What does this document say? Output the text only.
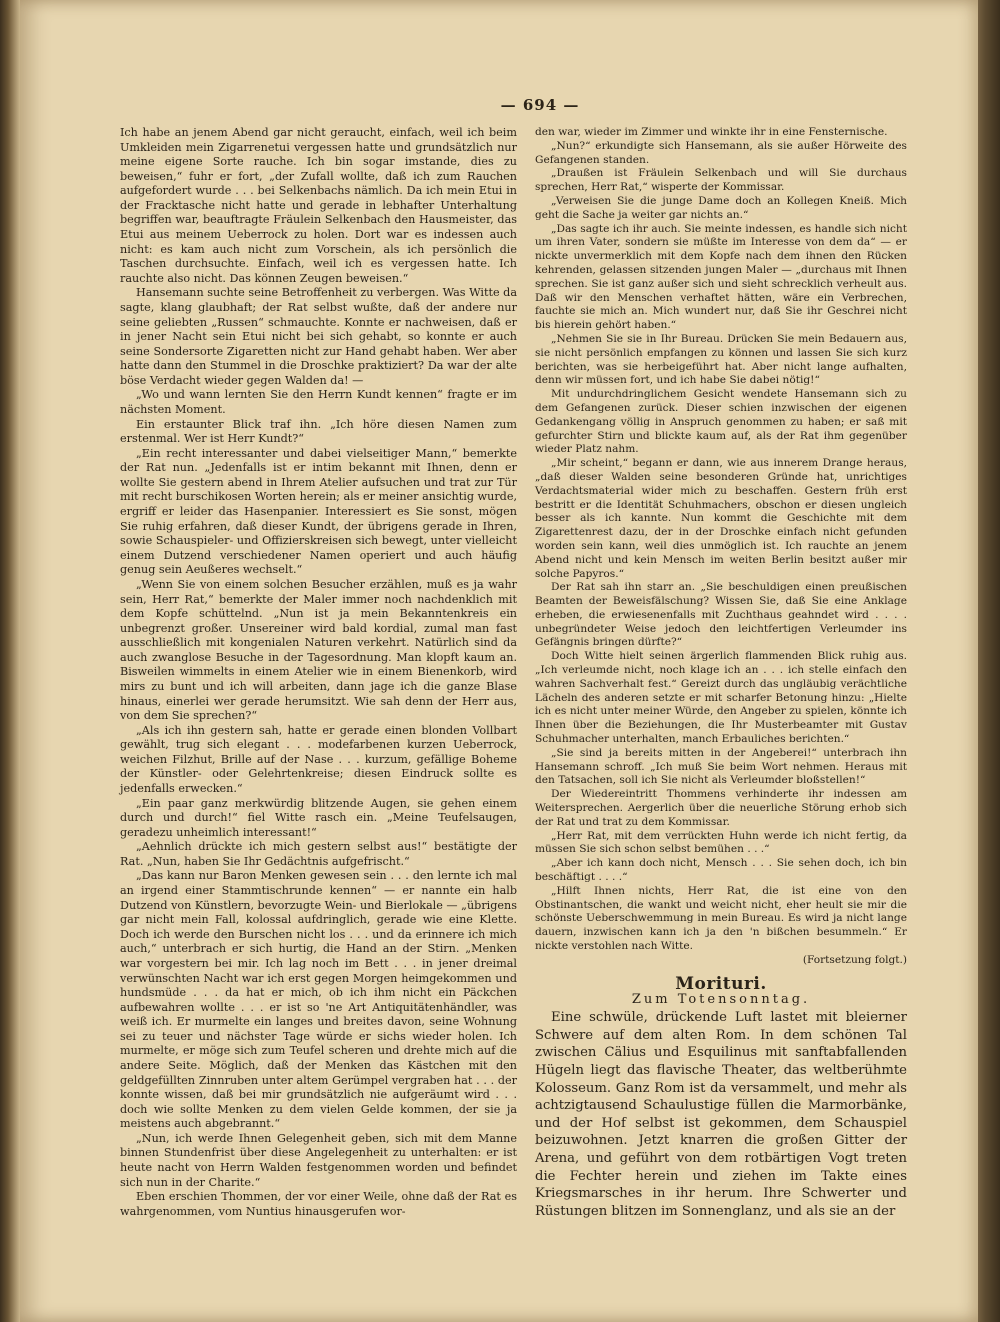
— 694 —

Ich habe an jenem Abend gar nicht geraucht, einfach, weil ich beim Umkleiden mein Zigarrenetui vergessen hatte und grundsätzlich nur meine eigene Sorte rauche. Ich bin sogar imstande, dies zu beweisen,“ fuhr er fort, „der Zufall wollte, daß ich zum Rauchen aufgefordert wurde . . . bei Selkenbachs nämlich. Da ich mein Etui in der Fracktasche nicht hatte und gerade in lebhafter Unterhaltung begriffen war, beauftragte Fräulein Selkenbach den Hausmeister, das Etui aus meinem Ueberrock zu holen. Dort war es indessen auch nicht: es kam auch nicht zum Vorschein, als ich persönlich die Taschen durchsuchte. Einfach, weil ich es vergessen hatte. Ich rauchte also nicht. Das können Zeugen beweisen.“

Hansemann suchte seine Betroffenheit zu verbergen. Was Witte da sagte, klang glaubhaft; der Rat selbst wußte, daß der andere nur seine geliebten „Russen“ schmauchte. Konnte er nachweisen, daß er in jener Nacht sein Etui nicht bei sich gehabt, so konnte er auch seine Sondersorte Zigaretten nicht zur Hand gehabt haben. Wer aber hatte dann den Stummel in die Droschke praktiziert? Da war der alte böse Verdacht wieder gegen Walden da! —

„Wo und wann lernten Sie den Herrn Kundt kennen“ fragte er im nächsten Moment.

Ein erstaunter Blick traf ihn. „Ich höre diesen Namen zum erstenmal. Wer ist Herr Kundt?“

„Ein recht interessanter und dabei vielseitiger Mann,“ bemerkte der Rat nun. „Jedenfalls ist er intim bekannt mit Ihnen, denn er wollte Sie gestern abend in Ihrem Atelier aufsuchen und trat zur Tür mit recht burschikosen Worten herein; als er meiner ansichtig wurde, ergriff er leider das Hasenpanier. Interessiert es Sie sonst, mögen Sie ruhig erfahren, daß dieser Kundt, der übrigens gerade in Ihren, sowie Schauspieler- und Offizierskreisen sich bewegt, unter vielleicht einem Dutzend verschiedener Namen operiert und auch häufig genug sein Aeußeres wechselt.“

„Wenn Sie von einem solchen Besucher erzählen, muß es ja wahr sein, Herr Rat,“ bemerkte der Maler immer noch nachdenklich mit dem Kopfe schüttelnd. „Nun ist ja mein Bekanntenkreis ein unbegrenzt großer. Unsereiner wird bald kordial, zumal man fast ausschließlich mit kongenialen Naturen verkehrt. Natürlich sind da auch zwanglose Besuche in der Tagesordnung. Man klopft kaum an. Bisweilen wimmelts in einem Atelier wie in einem Bienenkorb, wird mirs zu bunt und ich will arbeiten, dann jage ich die ganze Blase hinaus, einerlei wer gerade herumsitzt. Wie sah denn der Herr aus, von dem Sie sprechen?“

„Als ich ihn gestern sah, hatte er gerade einen blonden Vollbart gewählt, trug sich elegant . . . modefarbenen kurzen Ueberrock, weichen Filzhut, Brille auf der Nase . . . kurzum, gefällige Boheme der Künstler- oder Gelehrtenkreise; diesen Eindruck sollte es jedenfalls erwecken.“

„Ein paar ganz merkwürdig blitzende Augen, sie gehen einem durch und durch!“ fiel Witte rasch ein. „Meine Teufelsaugen, geradezu unheimlich interessant!“

„Aehnlich drückte ich mich gestern selbst aus!“ bestätigte der Rat. „Nun, haben Sie Ihr Gedächtnis aufgefrischt.“

„Das kann nur Baron Menken gewesen sein . . . den lernte ich mal an irgend einer Stammtischrunde kennen“ — er nannte ein halb Dutzend von Künstlern, bevorzugte Wein- und Bierlokale — „übrigens gar nicht mein Fall, kolossal aufdringlich, gerade wie eine Klette. Doch ich werde den Burschen nicht los . . . und da erinnere ich mich auch,“ unterbrach er sich hurtig, die Hand an der Stirn. „Menken war vorgestern bei mir. Ich lag noch im Bett . . . in jener dreimal verwünschten Nacht war ich erst gegen Morgen heimgekommen und hundsmüde . . . da hat er mich, ob ich ihm nicht ein Päckchen aufbewahren wollte . . . er ist so 'ne Art Antiquitätenhändler, was weiß ich. Er murmelte ein langes und breites davon, seine Wohnung sei zu teuer und nächster Tage würde er sichs wieder holen. Ich murmelte, er möge sich zum Teufel scheren und drehte mich auf die andere Seite. Möglich, daß der Menken das Kästchen mit den geldgefüllten Zinnruben unter altem Gerümpel vergraben hat . . . der konnte wissen, daß bei mir grundsätzlich nie aufgeräumt wird . . . doch wie sollte Menken zu dem vielen Gelde kommen, der sie ja meistens auch abgebrannt.“

„Nun, ich werde Ihnen Gelegenheit geben, sich mit dem Manne binnen Stundenfrist über diese Angelegenheit zu unterhalten: er ist heute nacht von Herrn Walden festgenommen worden und befindet sich nun in der Charite.“

Eben erschien Thommen, der vor einer Weile, ohne daß der Rat es wahrgenommen, vom Nuntius hinausgerufen wor-

den war, wieder im Zimmer und winkte ihr in eine Fensternische.

„Nun?“ erkundigte sich Hansemann, als sie außer Hörweite des Gefangenen standen.

„Draußen ist Fräulein Selkenbach und will Sie durchaus sprechen, Herr Rat,“ wisperte der Kommissar.

„Verweisen Sie die junge Dame doch an Kollegen Kneiß. Mich geht die Sache ja weiter gar nichts an.“

„Das sagte ich ihr auch. Sie meinte indessen, es handle sich nicht um ihren Vater, sondern sie müßte im Interesse von dem da“ — er nickte unvermerklich mit dem Kopfe nach dem ihnen den Rücken kehrenden, gelassen sitzenden jungen Maler — „durchaus mit Ihnen sprechen. Sie ist ganz außer sich und sieht schrecklich verheult aus. Daß wir den Menschen verhaftet hätten, wäre ein Verbrechen, fauchte sie mich an. Mich wundert nur, daß Sie ihr Geschrei nicht bis hierein gehört haben.“

„Nehmen Sie sie in Ihr Bureau. Drücken Sie mein Bedauern aus, sie nicht persönlich empfangen zu können und lassen Sie sich kurz berichten, was sie herbeigeführt hat. Aber nicht lange aufhalten, denn wir müssen fort, und ich habe Sie dabei nötig!“

Mit undurchdringlichem Gesicht wendete Hansemann sich zu dem Gefangenen zurück. Dieser schien inzwischen der eigenen Gedankengang völlig in Anspruch genommen zu haben; er saß mit gefurchter Stirn und blickte kaum auf, als der Rat ihm gegenüber wieder Platz nahm.

„Mir scheint,“ begann er dann, wie aus innerem Drange heraus, „daß dieser Walden seine besonderen Gründe hat, unrichtiges Verdachtsmaterial wider mich zu beschaffen. Gestern früh erst bestritt er die Identität Schuhmachers, obschon er diesen ungleich besser als ich kannte. Nun kommt die Geschichte mit dem Zigarettenrest dazu, der in der Droschke einfach nicht gefunden worden sein kann, weil dies unmöglich ist. Ich rauchte an jenem Abend nicht und kein Mensch im weiten Berlin besitzt außer mir solche Papyros.“

Der Rat sah ihn starr an. „Sie beschuldigen einen preußischen Beamten der Beweisfälschung? Wissen Sie, daß Sie eine Anklage erheben, die erwiesenenfalls mit Zuchthaus geahndet wird . . . . unbegründeter Weise jedoch den leichtfertigen Verleumder ins Gefängnis bringen dürfte?“

Doch Witte hielt seinen ärgerlich flammenden Blick ruhig aus. „Ich verleumde nicht, noch klage ich an . . . ich stelle einfach den wahren Sachverhalt fest.“ Gereizt durch das ungläubig verächtliche Lächeln des anderen setzte er mit scharfer Betonung hinzu: „Hielte ich es nicht unter meiner Würde, den Angeber zu spielen, könnte ich Ihnen über die Beziehungen, die Ihr Musterbeamter mit Gustav Schuhmacher unterhalten, manch Erbauliches berichten.“

„Sie sind ja bereits mitten in der Angeberei!“ unterbrach ihn Hansemann schroff. „Ich muß Sie beim Wort nehmen. Heraus mit den Tatsachen, soll ich Sie nicht als Verleumder bloßstellen!“

Der Wiedereintritt Thommens verhinderte ihr indessen am Weitersprechen. Aergerlich über die neuerliche Störung erhob sich der Rat und trat zu dem Kommissar.

„Herr Rat, mit dem verrückten Huhn werde ich nicht fertig, da müssen Sie sich schon selbst bemühen . . .“

„Aber ich kann doch nicht, Mensch . . . Sie sehen doch, ich bin beschäftigt . . . .“

„Hilft Ihnen nichts, Herr Rat, die ist eine von den Obstinantschen, die wankt und weicht nicht, eher heult sie mir die schönste Ueberschwemmung in mein Bureau. Es wird ja nicht lange dauern, inzwischen kann ich ja den 'n bißchen besummeln.“ Er nickte verstohlen nach Witte.

(Fortsetzung folgt.)

Morituri.
Zum Totensonntag.

Eine schwüle, drückende Luft lastet mit bleierner Schwere auf dem alten Rom. In dem schönen Tal zwischen Cälius und Esquilinus mit sanftabfallenden Hügeln liegt das flavische Theater, das weltberühmte Kolosseum. Ganz Rom ist da versammelt, und mehr als achtzigtausend Schaulustige füllen die Marmorbänke, und der Hof selbst ist gekommen, dem Schauspiel beizuwohnen. Jetzt knarren die großen Gitter der Arena, und geführt von dem rotbärtigen Vogt treten die Fechter herein und ziehen im Takte eines Kriegsmarsches in ihr herum. Ihre Schwerter und Rüstungen blitzen im Sonnenglanz, und als sie an der
